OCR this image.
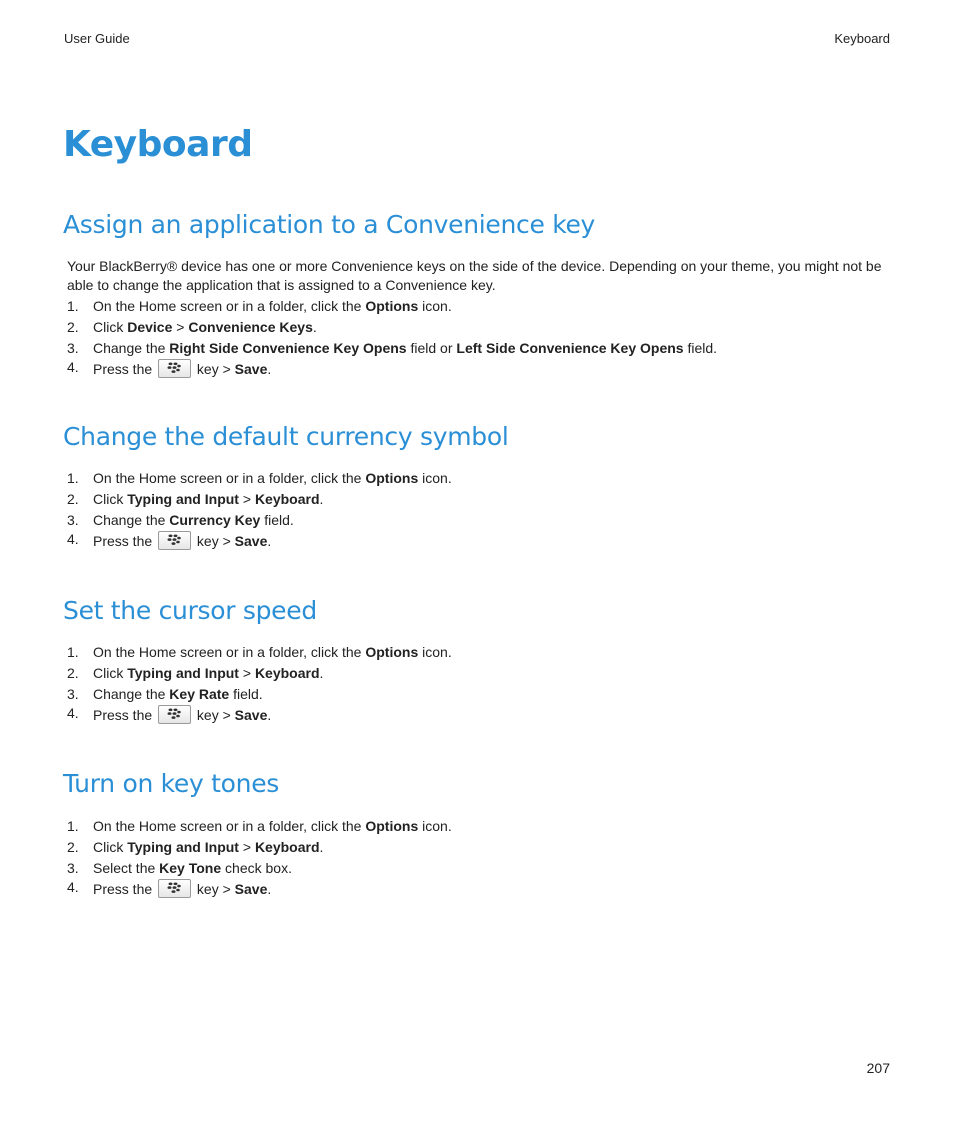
User Guide	Keyboard
Keyboard
Assign an application to a Convenience key

Your BlackBerry® device has one or more Convenience keys on the side of the device. Depending on your theme, you might not be able to change the application that is assigned to a Convenience key.

1. On the Home screen or in a folder, click the Options icon.
2. Click Device > Convenience Keys.
3. Change the Right Side Convenience Key Opens field or Left Side Convenience Key Opens field.
4. Press the	key > Save.
Change the default currency symbol
1. On the Home screen or in a folder, click the Options icon.
2. Click Typing and Input > Keyboard.
3. Change the Currency Key field.
4. Press the	key > Save.
Set the cursor speed
1. On the Home screen or in a folder, click the Options icon.
2. Click Typing and Input > Keyboard.
3. Change the Key Rate field.
4. Press the	key > Save.
Turn on key tones
1. On the Home screen or in a folder, click the Options icon.
2. Click Typing and Input > Keyboard.
3. Select the Key Tone check box.
4. Press the	key > Save.
207
